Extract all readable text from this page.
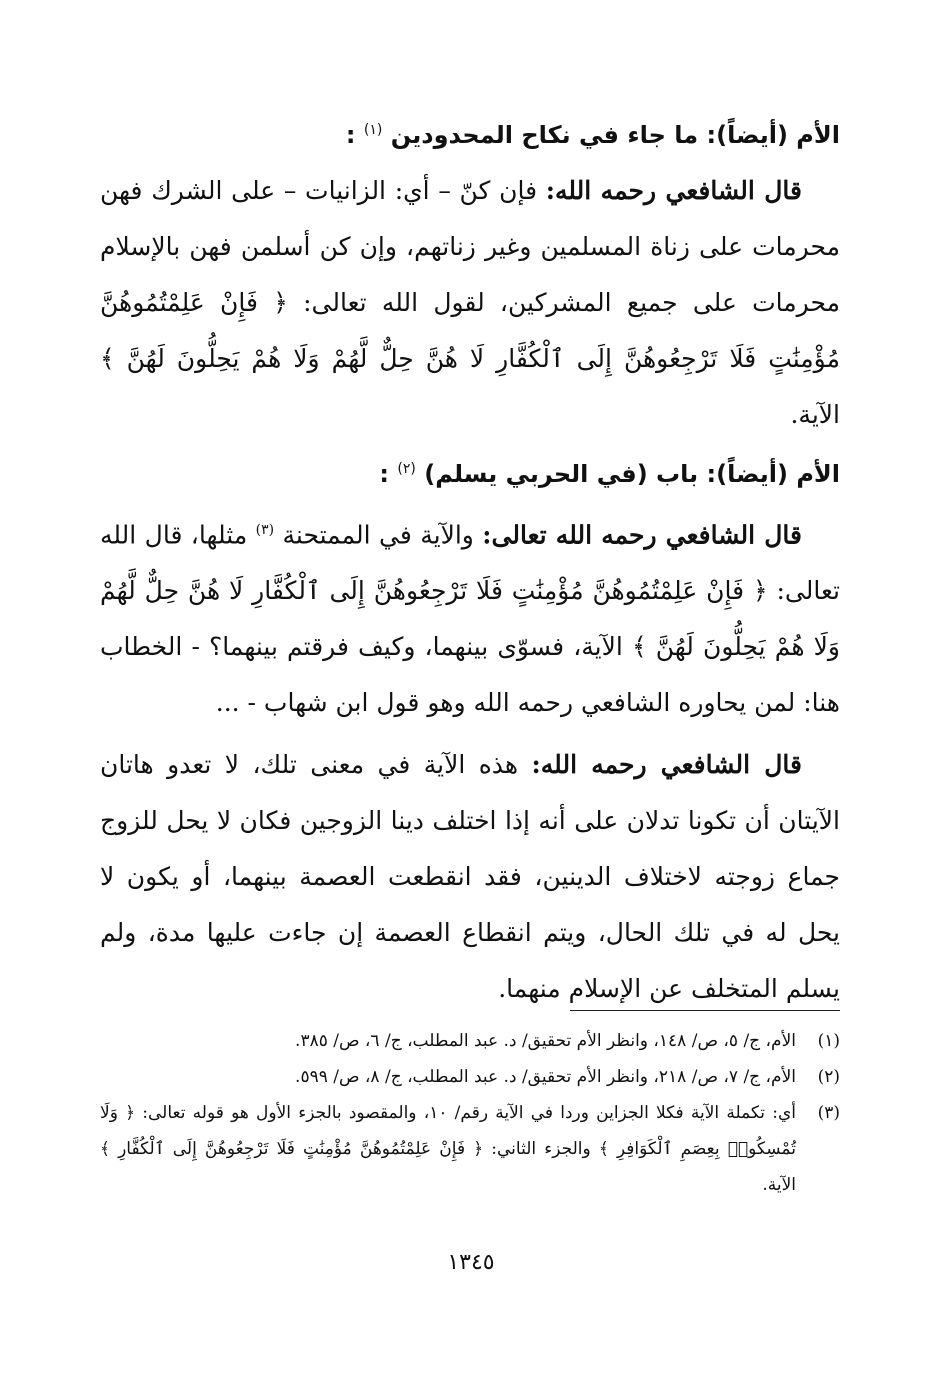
الأم (أيضاً): ما جاء في نكاح المحدودين $^{(١)}$ :

قال الشافعي رحمه الله: فإن كنّ – أي: الزانيات – على الشرك فهن محرمات على زناة المسلمين وغير زناتهم، وإن كن أسلمن فهن بالإسلام محرمات على جميع المشركين، لقول الله تعالى: ﴿ فَإِنْ عَلِمْتُمُوهُنَّ مُؤْمِنَٰتٍ فَلَا تَرْجِعُوهُنَّ إِلَى ٱلْكُفَّارِ لَا هُنَّ حِلٌّ لَّهُمْ وَلَا هُمْ يَحِلُّونَ لَهُنَّ ﴾ الآية.

الأم (أيضاً): باب (في الحربي يسلم) $^{(٢)}$ :

قال الشافعي رحمه الله تعالى: والآية في الممتحنة $^{(٣)}$ مثلها، قال الله تعالى: ﴿ فَإِنْ عَلِمْتُمُوهُنَّ مُؤْمِنَٰتٍ فَلَا تَرْجِعُوهُنَّ إِلَى ٱلْكُفَّارِ لَا هُنَّ حِلٌّ لَّهُمْ وَلَا هُمْ يَحِلُّونَ لَهُنَّ ﴾ الآية، فسوّى بينهما، وكيف فرقتم بينهما؟ - الخطاب هنا: لمن يحاوره الشافعي رحمه الله وهو قول ابن شهاب - ...

قال الشافعي رحمه الله: هذه الآية في معنى تلك، لا تعدو هاتان الآيتان أن تكونا تدلان على أنه إذا اختلف دينا الزوجين فكان لا يحل للزوج جماع زوجته لاختلاف الدينين، فقد انقطعت العصمة بينهما، أو يكون لا يحل له في تلك الحال، ويتم انقطاع العصمة إن جاءت عليها مدة، ولم يسلم المتخلف عن الإسلام منهما.

(١)
الأم، ج/ ٥، ص/ ١٤٨، وانظر الأم تحقيق/ د. عبد المطلب، ج/ ٦، ص/ ٣٨٥.
(٢)
الأم، ج/ ٧، ص/ ٢١٨، وانظر الأم تحقيق/ د. عبد المطلب، ج/ ٨، ص/ ٥٩٩.
(٣)
أي: تكملة الآية فكلا الجزاين وردا في الآية رقم/ ١٠، والمقصود بالجزء الأول هو قوله تعالى: ﴿ وَلَا تُمْسِكُوا۟ بِعِصَمِ ٱلْكَوَافِرِ ﴾ والجزء الثاني: ﴿ فَإِنْ عَلِمْتُمُوهُنَّ مُؤْمِنَٰتٍ فَلَا تَرْجِعُوهُنَّ إِلَى ٱلْكُفَّارِ ﴾ الآية.
١٣٤٥
